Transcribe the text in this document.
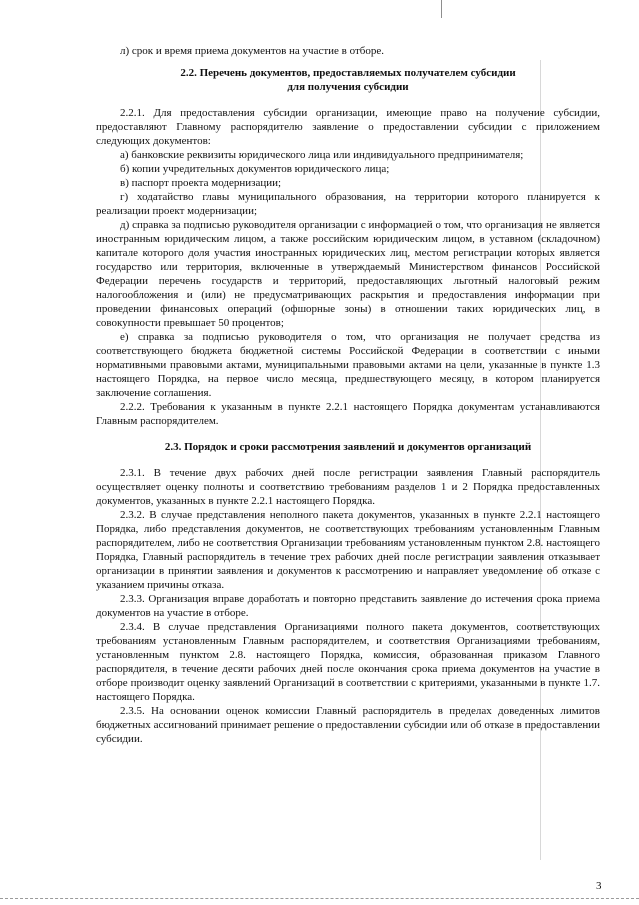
л) срок и время приема документов на участие в отборе.

2.2. Перечень документов, предоставляемых получателем субсидии

для получения субсидии

2.2.1. Для предоставления субсидии организации, имеющие право на получение субсидии, предоставляют Главному распорядителю заявление о предоставлении субсидии с приложением следующих документов:

а) банковские реквизиты юридического лица или индивидуального предпринимателя;

б) копии учредительных документов юридического лица;

в) паспорт проекта модернизации;

г) ходатайство главы муниципального образования, на территории которого планируется к реализации проект модернизации;

д) справка за подписью руководителя организации с информацией о том, что организация не является иностранным юридическим лицом, а также российским юридическим лицом, в уставном (складочном) капитале которого доля участия иностранных юридических лиц, местом регистрации которых является государство или территория, включенные в утверждаемый Министерством финансов Российской Федерации перечень государств и территорий, предоставляющих льготный налоговый режим налогообложения и (или) не предусматривающих раскрытия и предоставления информации при проведении финансовых операций (офшорные зоны) в отношении таких юридических лиц, в совокупности превышает 50 процентов;

е) справка за подписью руководителя о том, что организация не получает средства из соответствующего бюджета бюджетной системы Российской Федерации в соответствии с иными нормативными правовыми актами, муниципальными правовыми актами на цели, указанные в пункте 1.3 настоящего Порядка, на первое число месяца, предшествующего месяцу, в котором планируется заключение соглашения.

2.2.2. Требования к указанным в пункте 2.2.1 настоящего Порядка документам устанавливаются Главным распорядителем.

2.3. Порядок и сроки рассмотрения заявлений и документов организаций

2.3.1. В течение двух рабочих дней после регистрации заявления Главный распорядитель осуществляет оценку полноты и соответствию требованиям разделов 1 и 2 Порядка предоставленных документов, указанных в пункте 2.2.1 настоящего Порядка.

2.3.2. В случае представления неполного пакета документов, указанных в пункте 2.2.1 настоящего Порядка, либо представления документов, не соответствующих требованиям установленным Главным распорядителем, либо не соответствия Организации требованиям установленным пунктом 2.8. настоящего Порядка, Главный распорядитель в течение трех рабочих дней после регистрации заявления отказывает организации в принятии заявления и документов к рассмотрению и направляет уведомление об отказе с указанием причины отказа.

2.3.3. Организация вправе доработать и повторно представить заявление до истечения срока приема документов на участие в отборе.

2.3.4. В случае представления Организациями полного пакета документов, соответствующих требованиям установленным Главным распорядителем, и соответствия Организациями требованиям, установленным пунктом 2.8. настоящего Порядка, комиссия, образованная приказом Главного распорядителя, в течение десяти рабочих дней после окончания срока приема документов на участие в отборе производит оценку заявлений Организаций в соответствии с критериями, указанными в пункте 1.7. настоящего Порядка.

2.3.5. На основании оценок комиссии Главный распорядитель в пределах доведенных лимитов бюджетных ассигнований принимает решение о предоставлении субсидии или об отказе в предоставлении субсидии.

3
